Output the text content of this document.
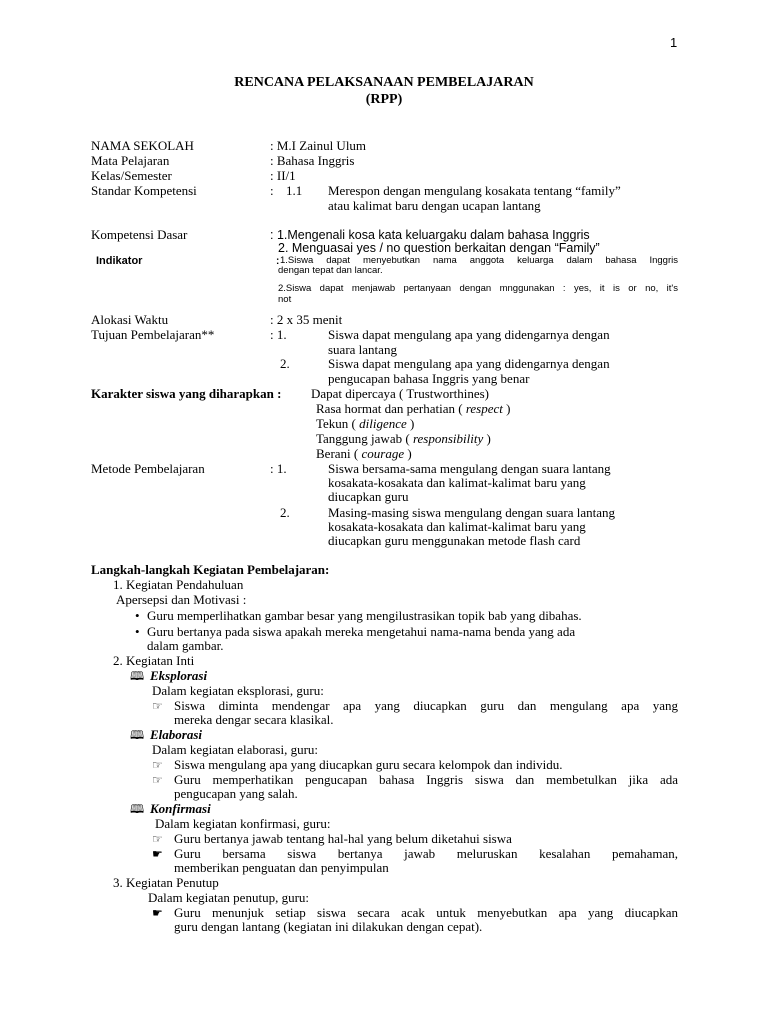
1
RENCANA PELAKSANAAN PEMBELAJARAN
(RPP)
NAMA SEKOLAH	: M.I Zainul Ulum
Mata Pelajaran	: Bahasa Inggris
Kelas/Semester	: II/1
Standar Kompetensi	: 1.1 Merespon dengan mengulang kosakata tentang “family”
atau kalimat baru dengan ucapan lantang
Kompetensi Dasar	: 1.Mengenali kosa kata keluargaku dalam bahasa Inggris
2. Menguasai yes / no question berkaitan dengan “Family”
Indikator	: 1.Siswa dapat menyebutkan nama anggota keluarga dalam bahasa Inggris
dengan tepat dan lancar.
2.Siswa dapat menjawab pertanyaan dengan mnggunakan : yes, it is or no, it's
not
Alokasi Waktu	: 2 x 35 menit
Tujuan Pembelajaran**	: 1.	Siswa dapat mengulang apa yang didengarnya dengan
suara lantang
2.	Siswa dapat mengulang apa yang didengarnya dengan
pengucapan bahasa Inggris yang benar
Karakter siswa yang diharapkan : Dapat dipercaya ( Trustworthines)
Rasa hormat dan perhatian ( respect )
Tekun ( diligence )
Tanggung jawab ( responsibility )
Berani ( courage )
Metode Pembelajaran	: 1.	Siswa bersama-sama mengulang dengan suara lantang
kosakata-kosakata dan kalimat-kalimat baru yang
diucapkan guru
2.	Masing-masing siswa mengulang dengan suara lantang
kosakata-kosakata dan kalimat-kalimat baru yang
diucapkan guru menggunakan metode flash card
Langkah-langkah Kegiatan Pembelajaran:
1. Kegiatan Pendahuluan
Apersepsi dan Motivasi :
• Guru memperlihatkan gambar besar yang mengilustrasikan topik bab yang dibahas.
• Guru bertanya pada siswa apakah mereka mengetahui nama-nama benda yang ada
dalam gambar.
2. Kegiatan Inti
🕮 Eksplorasi
Dalam kegiatan eksplorasi, guru:
☞ Siswa diminta mendengar apa yang diucapkan guru dan mengulang apa yang
mereka dengar secara klasikal.
🕮 Elaborasi
Dalam kegiatan elaborasi, guru:
☞ Siswa mengulang apa yang diucapkan guru secara kelompok dan individu.
☞ Guru memperhatikan pengucapan bahasa Inggris siswa dan membetulkan jika ada
pengucapan yang salah.
🕮 Konfirmasi
Dalam kegiatan konfirmasi, guru:
☞ Guru bertanya jawab tentang hal-hal yang belum diketahui siswa
☛ Guru bersama siswa bertanya jawab meluruskan kesalahan pemahaman,
memberikan penguatan dan penyimpulan
3. Kegiatan Penutup
Dalam kegiatan penutup, guru:
☛ Guru menunjuk setiap siswa secara acak untuk menyebutkan apa yang diucapkan
guru dengan lantang (kegiatan ini dilakukan dengan cepat).
